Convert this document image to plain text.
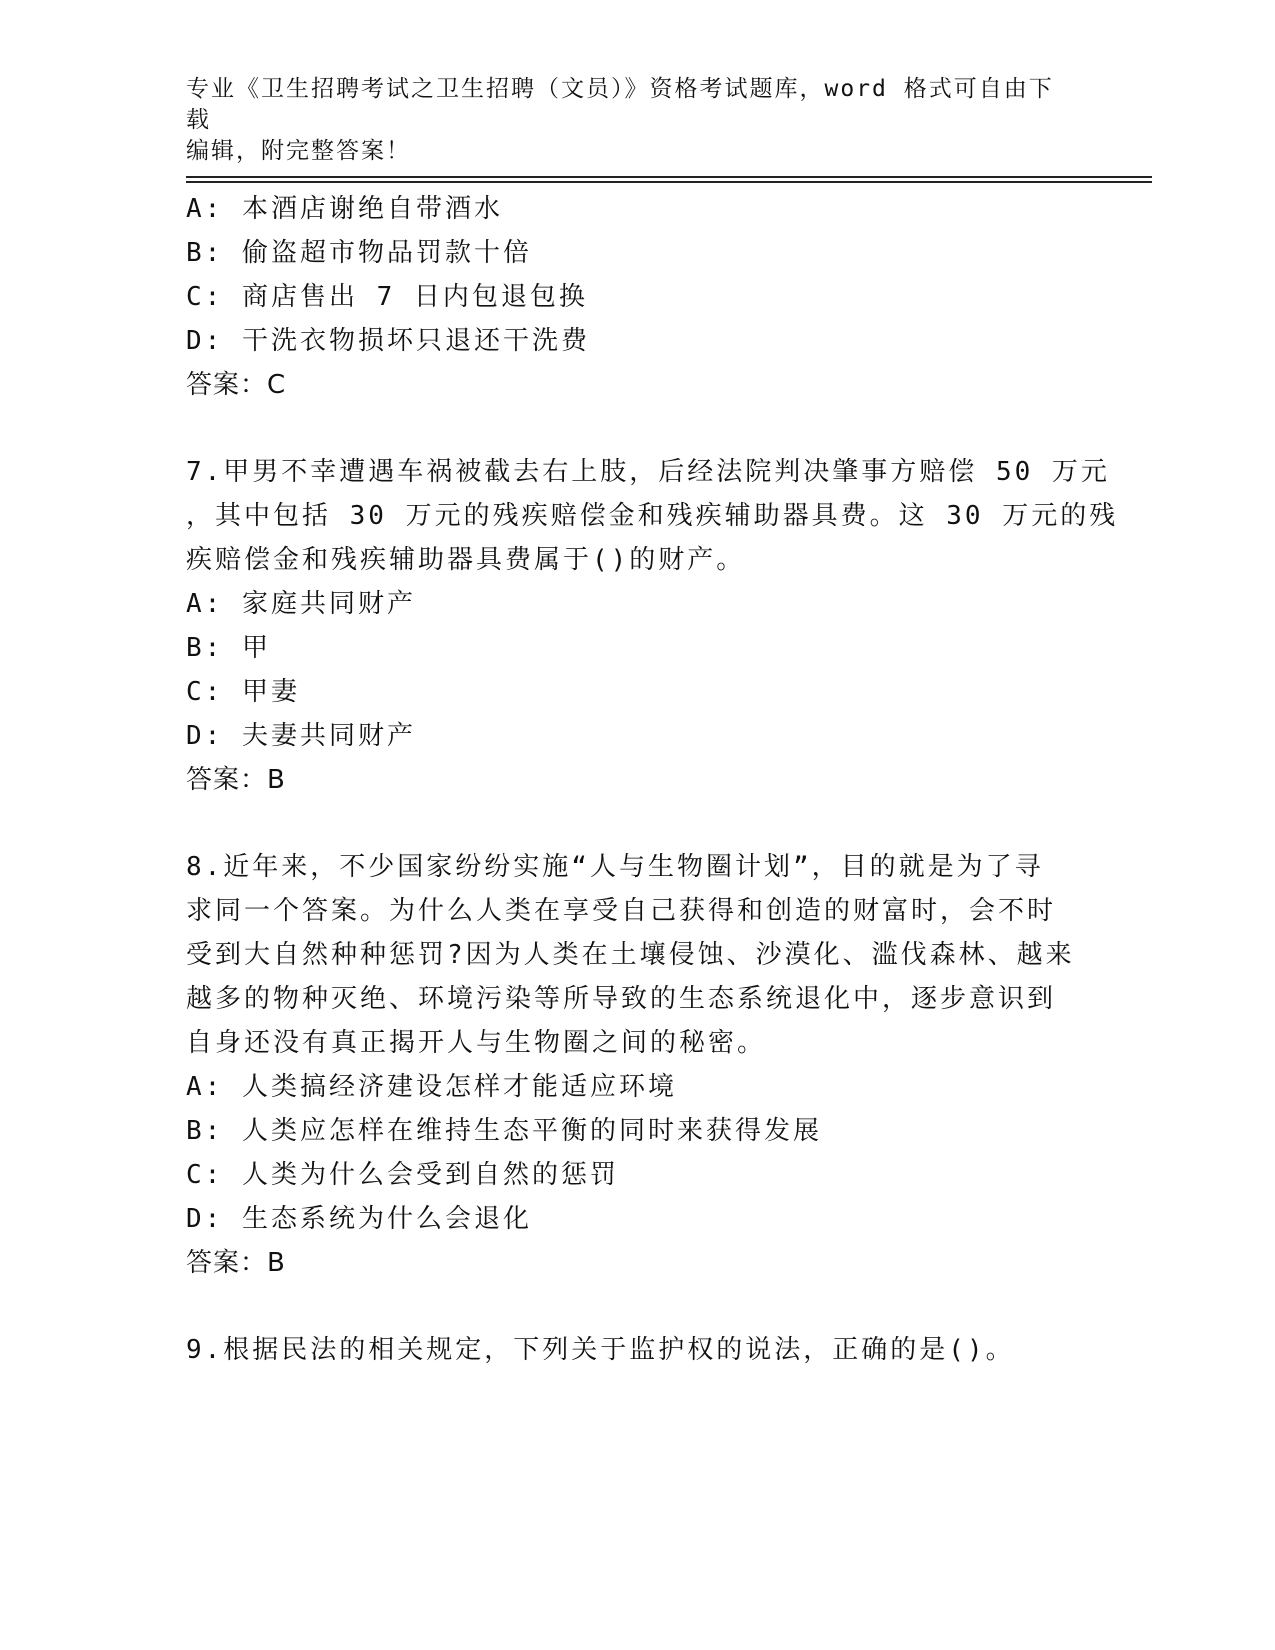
专业《卫生招聘考试之卫生招聘（文员）》资格考试题库，word 格式可自由下载
编辑，附完整答案！
A: 本酒店谢绝自带酒水
B: 偷盗超市物品罚款十倍
C: 商店售出 7 日内包退包换
D: 干洗衣物损坏只退还干洗费
答案：C
7.甲男不幸遭遇车祸被截去右上肢，后经法院判决肇事方赔偿 50 万元
，其中包括 30 万元的残疾赔偿金和残疾辅助器具费。这 30 万元的残
疾赔偿金和残疾辅助器具费属于()的财产。
A: 家庭共同财产
B: 甲
C: 甲妻
D: 夫妻共同财产
答案：B
8.近年来，不少国家纷纷实施“人与生物圈计划”，目的就是为了寻
求同一个答案。为什么人类在享受自己获得和创造的财富时，会不时
受到大自然种种惩罚?因为人类在土壤侵蚀、沙漠化、滥伐森林、越来
越多的物种灭绝、环境污染等所导致的生态系统退化中，逐步意识到
自身还没有真正揭开人与生物圈之间的秘密。
A: 人类搞经济建设怎样才能适应环境
B: 人类应怎样在维持生态平衡的同时来获得发展
C: 人类为什么会受到自然的惩罚
D: 生态系统为什么会退化
答案：B
9.根据民法的相关规定，下列关于监护权的说法，正确的是()。
